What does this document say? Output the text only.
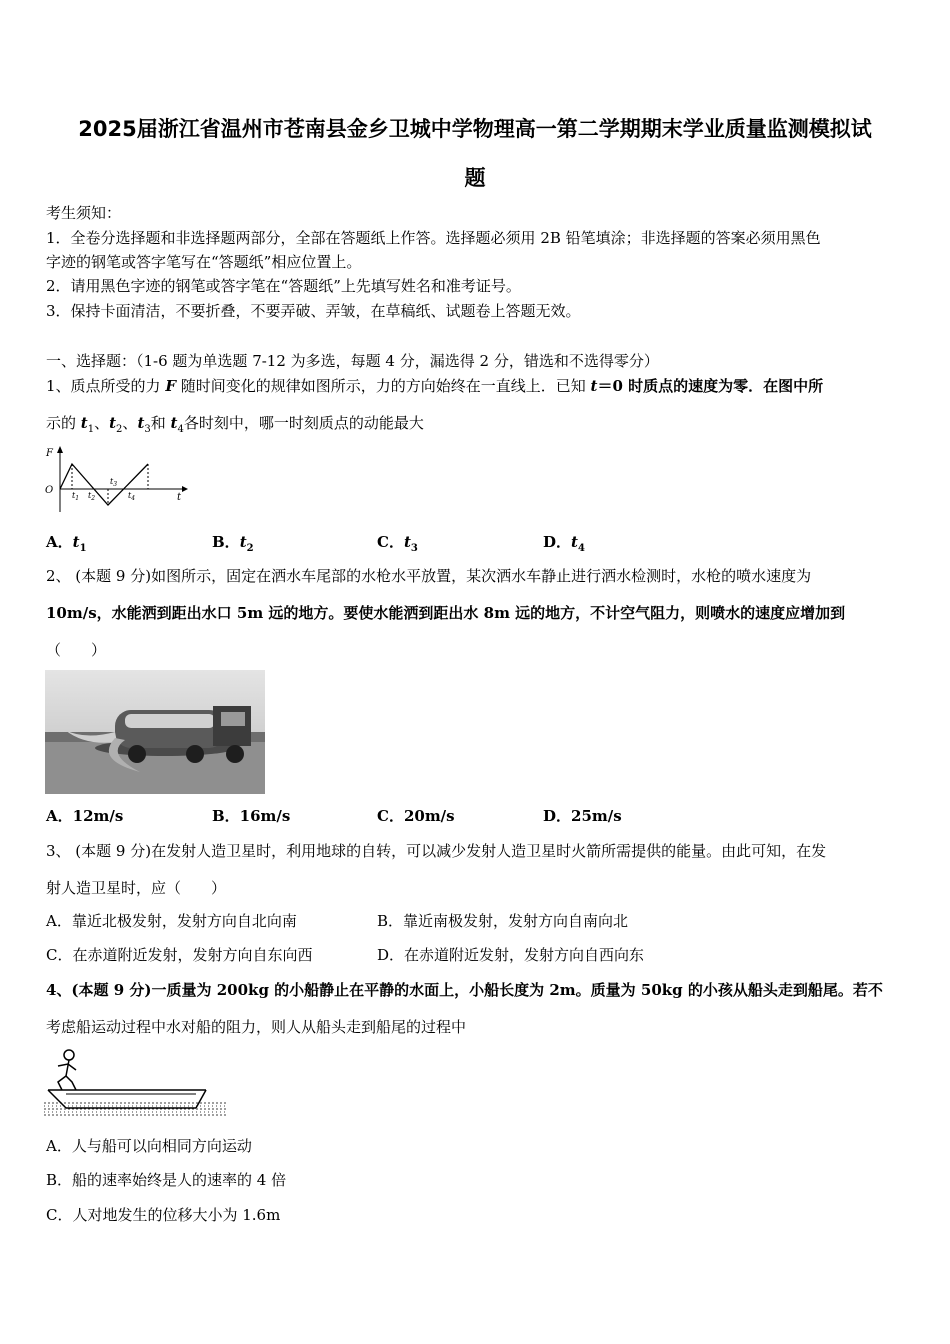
2025届浙江省温州市苍南县金乡卫城中学物理高一第二学期期末学业质量监测模拟试
题
考生须知：
1．全卷分选择题和非选择题两部分，全部在答题纸上作答。选择题必须用 2B 铅笔填涂；非选择题的答案必须用黑色
字迹的钢笔或答字笔写在“答题纸”相应位置上。
2．请用黑色字迹的钢笔或答字笔在“答题纸”上先填写姓名和准考证号。
3．保持卡面清洁，不要折叠，不要弄破、弄皱，在草稿纸、试题卷上答题无效。
一、选择题：（1-6 题为单选题 7-12 为多选，每题 4 分，漏选得 2 分，错选和不选得零分）
1、质点所受的力 F 随时间变化的规律如图所示，力的方向始终在一直线上．已知 t＝0 时质点的速度为零．在图中所
示的 $t_1$、$t_2$、$t_3$和 $t_4$各时刻中，哪一时刻质点的动能最大
F
O
t
$t_1$ $t_2$
$t_3$
$t_4$
A．$t_1$	B．$t_2$	C．$t_3$	D．$t_4$
2、 (本题 9 分)如图所示，固定在洒水车尾部的水枪水平放置，某次洒水车静止进行洒水检测时，水枪的喷水速度为
10m/s，水能洒到距出水口 5m 远的地方。要使水能洒到距出水 8m 远的地方，不计空气阻力，则喷水的速度应增加到
（　　）
A．12m/s	B．16m/s	C．20m/s	D．25m/s
3、 (本题 9 分)在发射人造卫星时，利用地球的自转，可以减少发射人造卫星时火箭所需提供的能量。由此可知，在发
射人造卫星时，应（　　）
A．靠近北极发射，发射方向自北向南	B．靠近南极发射，发射方向自南向北
C．在赤道附近发射，发射方向自东向西	D．在赤道附近发射，发射方向自西向东
4、(本题 9 分)一质量为 200kg 的小船静止在平静的水面上，小船长度为 2m。质量为 50kg 的小孩从船头走到船尾。若不
考虑船运动过程中水对船的阻力，则人从船头走到船尾的过程中
A．人与船可以向相同方向运动
B．船的速率始终是人的速率的 4 倍
C．人对地发生的位移大小为 1.6m
